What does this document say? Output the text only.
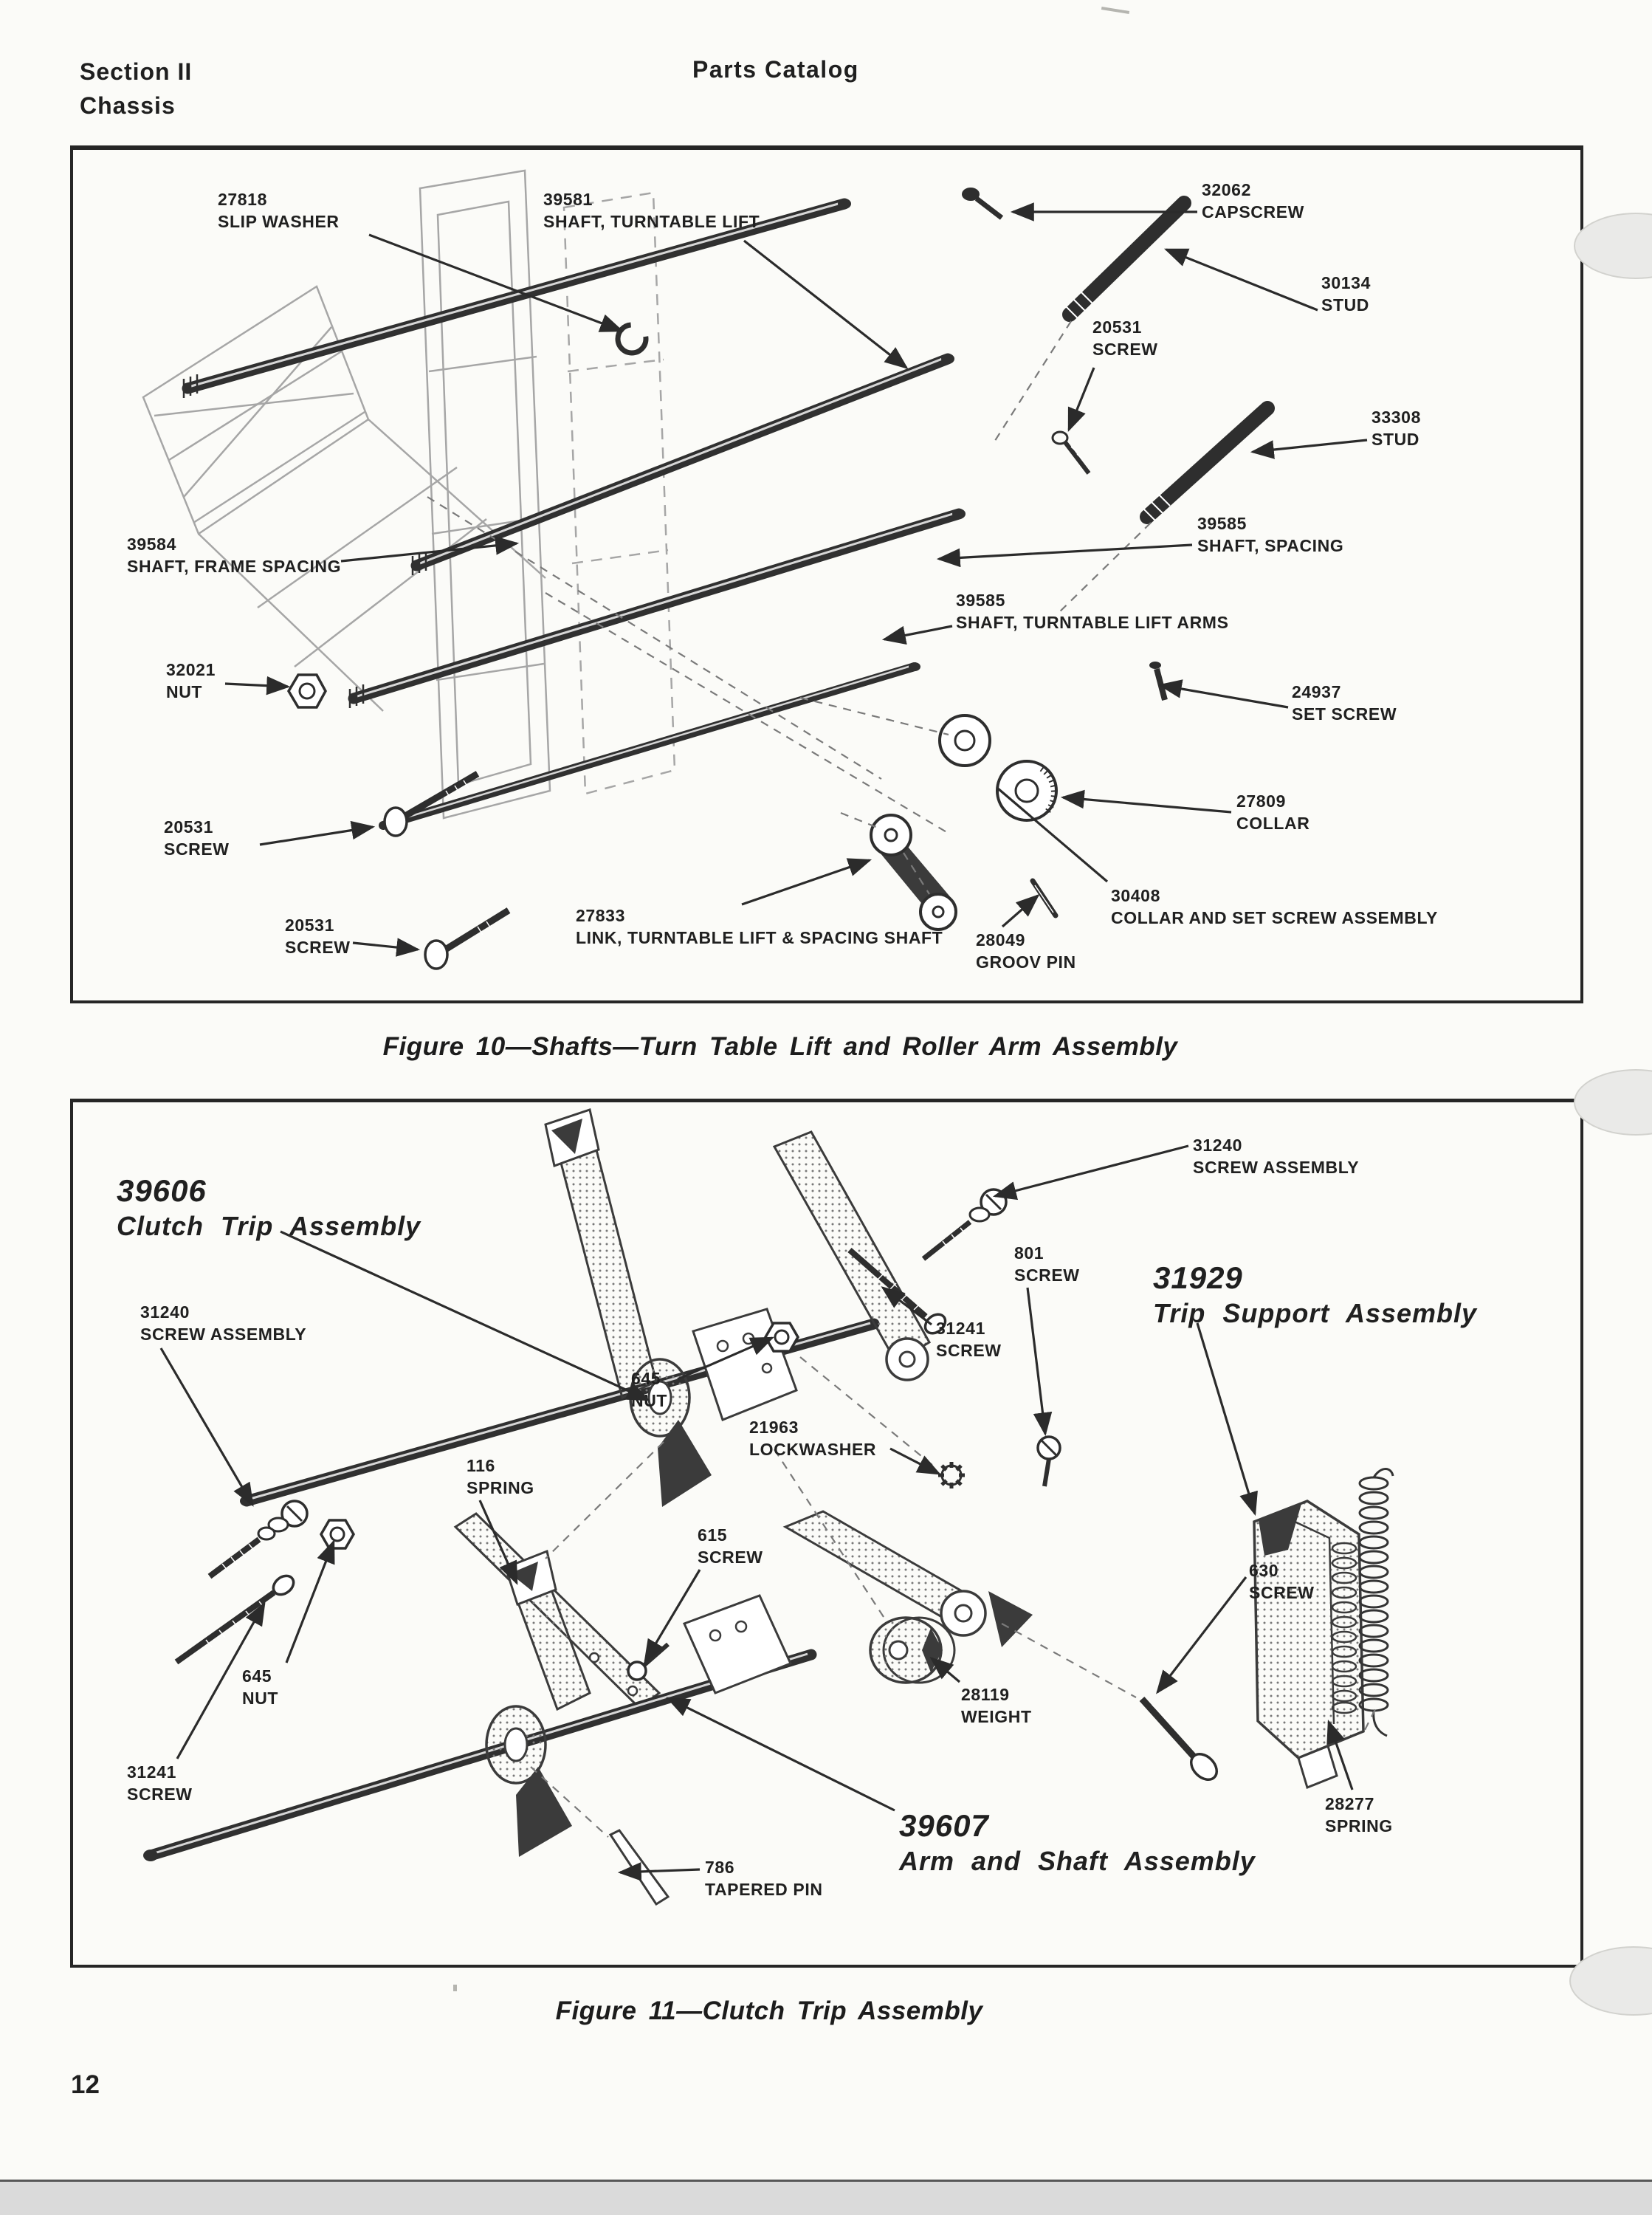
Section II
Chassis
Parts Catalog
Figure 10—Shafts—Turn Table Lift and Roller Arm Assembly
Figure 11—Clutch Trip Assembly
27818
SLIP WASHER
39581
SHAFT, TURNTABLE LIFT
32062
CAPSCREW
30134
STUD
20531
SCREW
33308
STUD
39584
SHAFT, FRAME SPACING
32021
NUT
20531
SCREW
20531
SCREW
27833
LINK, TURNTABLE LIFT & SPACING SHAFT 28049
GROOV PIN
30408
COLLAR AND SET SCREW ASSEMBLY
24937
SET SCREW
27809
COLLAR
39585
SHAFT, SPACING
39585
SHAFT, TURNTABLE LIFT ARMS
39606
Clutch Trip Assembly
31240
SCREW ASSEMBLY
645
NUT
31240
SCREW ASSEMBLY
801
SCREW 31929
Trip Support Assembly
31241
SCREW
21963
LOCKWASHER
116
SPRING
615
SCREW
630
SCREW
28277
SPRING
28119
WEIGHT
39607
Arm and Shaft Assembly
786
TAPERED PIN
645
NUT
31241
SCREW
12
